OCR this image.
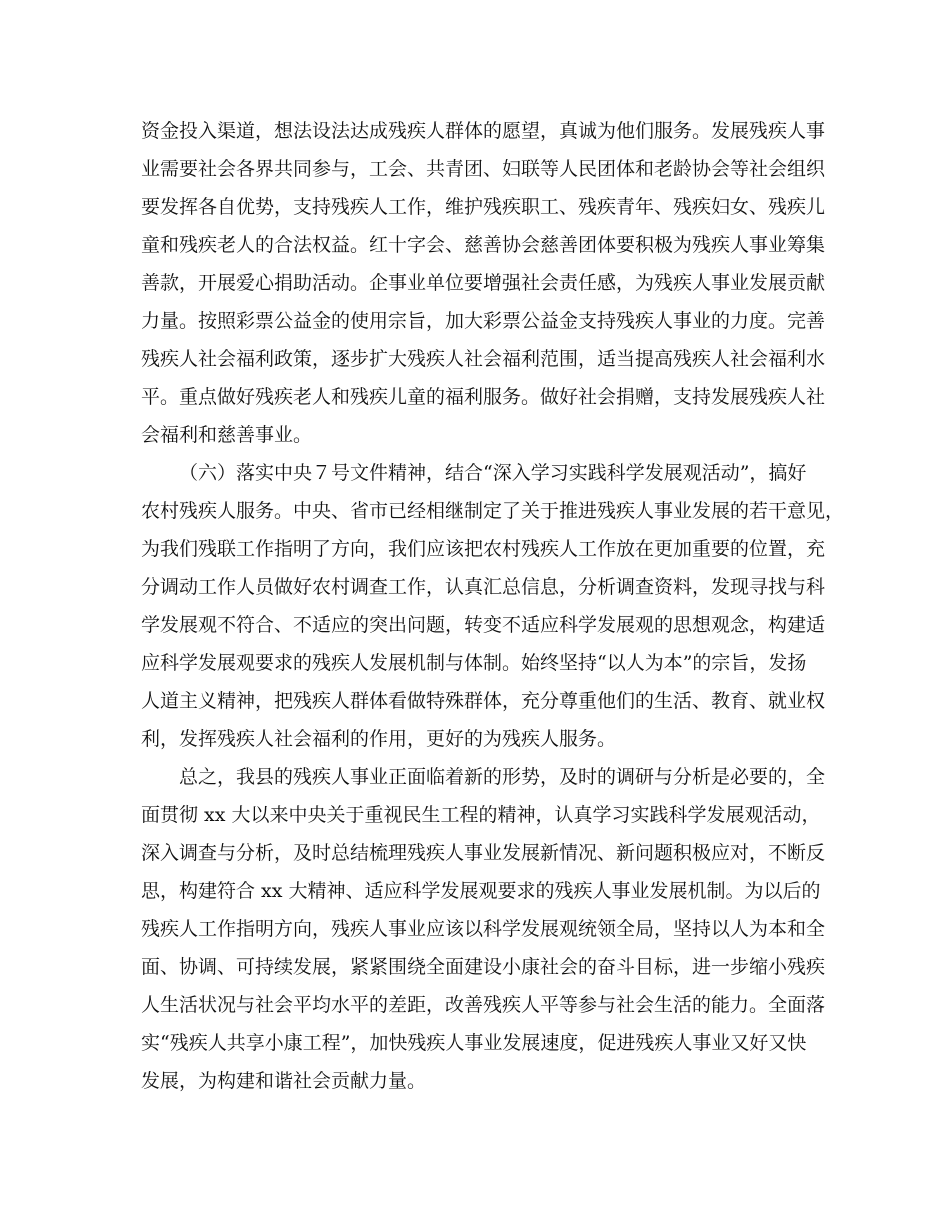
资金投入渠道，想法设法达成残疾人群体的愿望，真诚为他们服务。发展残疾人事
业需要社会各界共同参与，工会、共青团、妇联等人民团体和老龄协会等社会组织
要发挥各自优势，支持残疾人工作，维护残疾职工、残疾青年、残疾妇女、残疾儿
童和残疾老人的合法权益。红十字会、慈善协会慈善团体要积极为残疾人事业筹集
善款，开展爱心捐助活动。企事业单位要增强社会责任感，为残疾人事业发展贡献
力量。按照彩票公益金的使用宗旨，加大彩票公益金支持残疾人事业的力度。完善
残疾人社会福利政策，逐步扩大残疾人社会福利范围，适当提高残疾人社会福利水
平。重点做好残疾老人和残疾儿童的福利服务。做好社会捐赠，支持发展残疾人社
会福利和慈善事业。
（六）落实中央７号文件精神，结合“深入学习实践科学发展观活动”，搞好
农村残疾人服务。中央、省市已经相继制定了关于推进残疾人事业发展的若干意见，
为我们残联工作指明了方向，我们应该把农村残疾人工作放在更加重要的位置，充
分调动工作人员做好农村调查工作，认真汇总信息，分析调查资料，发现寻找与科
学发展观不符合、不适应的突出问题，转变不适应科学发展观的思想观念，构建适
应科学发展观要求的残疾人发展机制与体制。始终坚持“以人为本”的宗旨，发扬
人道主义精神，把残疾人群体看做特殊群体，充分尊重他们的生活、教育、就业权
利，发挥残疾人社会福利的作用，更好的为残疾人服务。
总之，我县的残疾人事业正面临着新的形势，及时的调研与分析是必要的，全
面贯彻 xx 大以来中央关于重视民生工程的精神，认真学习实践科学发展观活动，
深入调查与分析，及时总结梳理残疾人事业发展新情况、新问题积极应对，不断反
思，构建符合 xx 大精神、适应科学发展观要求的残疾人事业发展机制。为以后的
残疾人工作指明方向，残疾人事业应该以科学发展观统领全局，坚持以人为本和全
面、协调、可持续发展，紧紧围绕全面建设小康社会的奋斗目标，进一步缩小残疾
人生活状况与社会平均水平的差距，改善残疾人平等参与社会生活的能力。全面落
实“残疾人共享小康工程”，加快残疾人事业发展速度，促进残疾人事业又好又快
发展，为构建和谐社会贡献力量。
